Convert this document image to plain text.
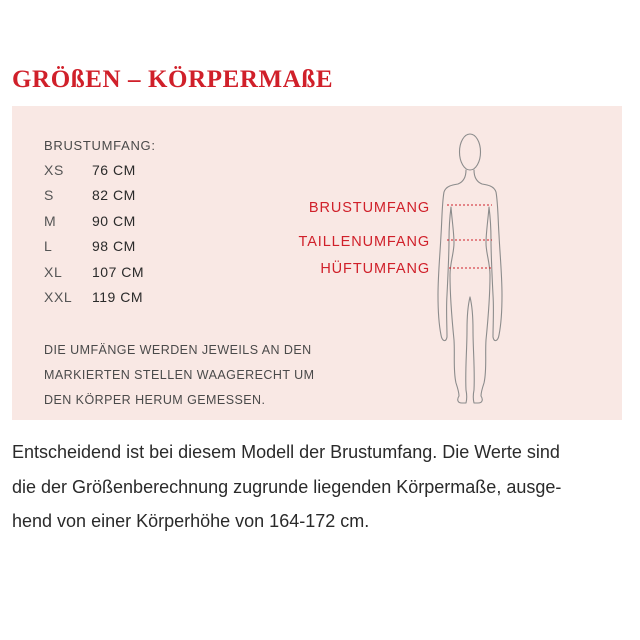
GRÖßEN – KÖRPERMAßE
BRUSTUMFANG:
XS	76 CM
S	82 CM
M	90 CM
L	98 CM
XL	107 CM
XXL	119 CM
DIE UMFÄNGE WERDEN JEWEILS AN DEN
MARKIERTEN STELLEN WAAGERECHT UM
DEN KÖRPER HERUM GEMESSEN.
BRUSTUMFANG
TAILLENUMFANG
HÜFTUMFANG
Entscheidend ist bei diesem Modell der Brustumfang. Die Werte sind
die der Größenberechnung zugrunde liegenden Körpermaße, ausge-
hend von einer Körperhöhe von 164-172 cm.
